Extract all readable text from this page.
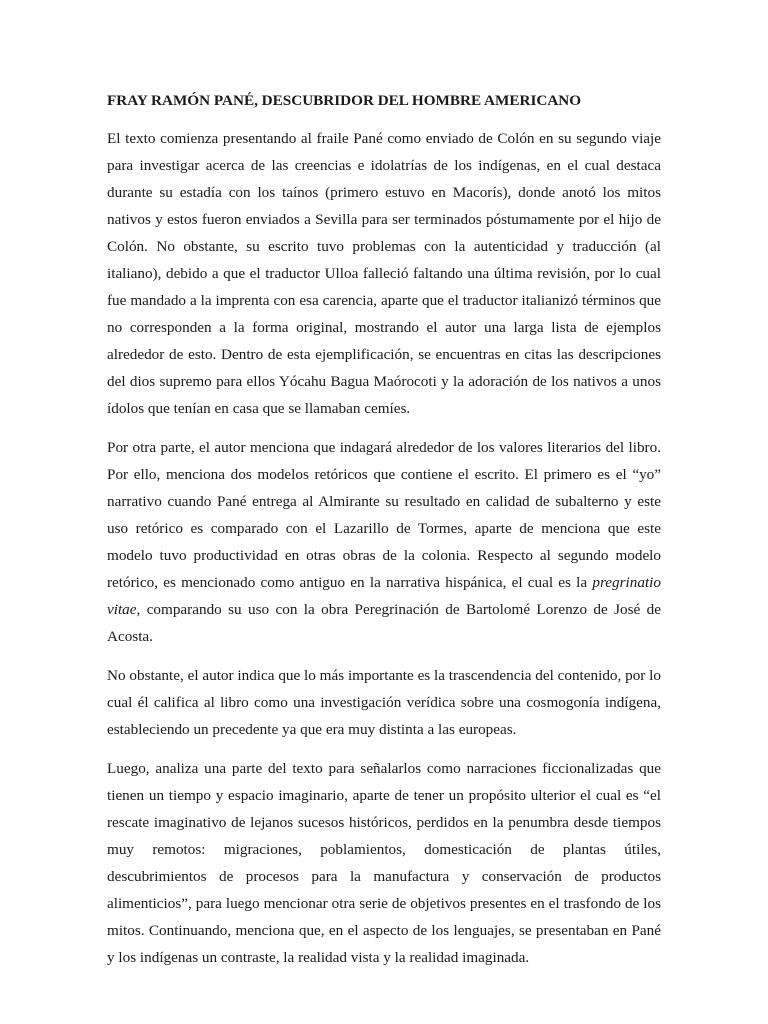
FRAY RAMÓN PANÉ, DESCUBRIDOR DEL HOMBRE AMERICANO

El texto comienza presentando al fraile Pané como enviado de Colón en su segundo viaje para investigar acerca de las creencias e idolatrías de los indígenas, en el cual destaca durante su estadía con los taínos (primero estuvo en Macorís), donde anotó los mitos nativos y estos fueron enviados a Sevilla para ser terminados póstumamente por el hijo de Colón. No obstante, su escrito tuvo problemas con la autenticidad y traducción (al italiano), debido a que el traductor Ulloa falleció faltando una última revisión, por lo cual fue mandado a la imprenta con esa carencia, aparte que el traductor italianizó términos que no corresponden a la forma original, mostrando el autor una larga lista de ejemplos alrededor de esto. Dentro de esta ejemplificación, se encuentras en citas las descripciones del dios supremo para ellos Yócahu Bagua Maórocoti y la adoración de los nativos a unos ídolos que tenían en casa que se llamaban cemíes.

Por otra parte, el autor menciona que indagará alrededor de los valores literarios del libro. Por ello, menciona dos modelos retóricos que contiene el escrito. El primero es el “yo” narrativo cuando Pané entrega al Almirante su resultado en calidad de subalterno y este uso retórico es comparado con el Lazarillo de Tormes, aparte de menciona que este modelo tuvo productividad en otras obras de la colonia. Respecto al segundo modelo retórico, es mencionado como antiguo en la narrativa hispánica, el cual es la pregrinatio vitae, comparando su uso con la obra Peregrinación de Bartolomé Lorenzo de José de Acosta.

No obstante, el autor indica que lo más importante es la trascendencia del contenido, por lo cual él califica al libro como una investigación verídica sobre una cosmogonía indígena, estableciendo un precedente ya que era muy distinta a las europeas.

Luego, analiza una parte del texto para señalarlos como narraciones ficcionalizadas que tienen un tiempo y espacio imaginario, aparte de tener un propósito ulterior el cual es “el rescate imaginativo de lejanos sucesos históricos, perdidos en la penumbra desde tiempos muy remotos: migraciones, poblamientos, domesticación de plantas útiles, descubrimientos de procesos para la manufactura y conservación de productos alimenticios”, para luego mencionar otra serie de objetivos presentes en el trasfondo de los mitos. Continuando, menciona que, en el aspecto de los lenguajes, se presentaban en Pané y los indígenas un contraste, la realidad vista y la realidad imaginada.
